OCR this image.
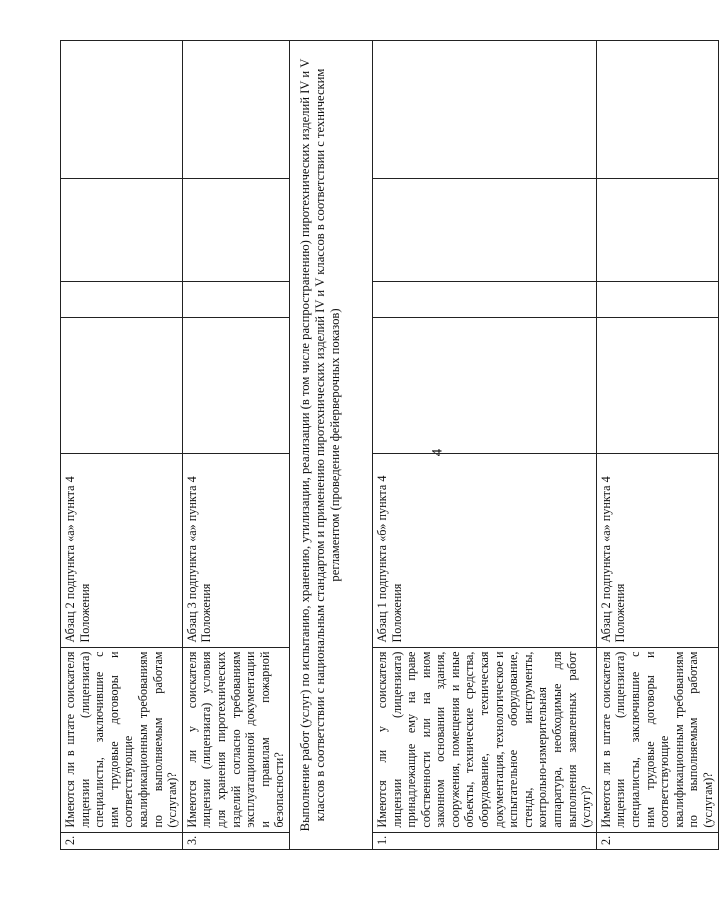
4
2.	Имеются ли в штате соискателя лицензии (лицензиата) специалисты, заключившие с ним трудовые договоры и соответствующие квалификационным требованиям по выполняемым работам (услугам)?	Абзац 2 подпункта «а» пункта 4 Положения				
3.	Имеются ли у соискателя лицензии (лицензиата) условия для хранения пиротехнических изделий согласно требованиям эксплуатационной документации и правилам пожарной безопасности?	Абзац 3 подпункта «а» пункта 4 Положения				
Выполнение работ (услуг) по испытанию, хранению, утилизации, реализации (в том числе распространению) пиротехнических изделий IV и V классов в соответствии с национальным стандартом и применению пиротехнических изделий IV и V классов в соответствии с техническим регламентом (проведение фейерверочных показов)						
1.	Имеются ли у соискателя лицензии (лицензиата) принадлежащие ему на праве собственности или на ином законном основании здания, сооружения, помещения и иные объекты, технические средства, оборудование, техническая документация, технологическое и испытательное оборудование, стенды, инструменты, контрольно-измерительная аппаратура, необходимые для выполнения заявленных работ (услуг)?	Абзац 1 подпункта «б» пункта 4 Положения				
2.	Имеются ли в штате соискателя лицензии (лицензиата) специалисты, заключившие с ним трудовые договоры и соответствующие квалификационным требованиям по выполняемым работам (услугам)?	Абзац 2 подпункта «а» пункта 4 Положения				
